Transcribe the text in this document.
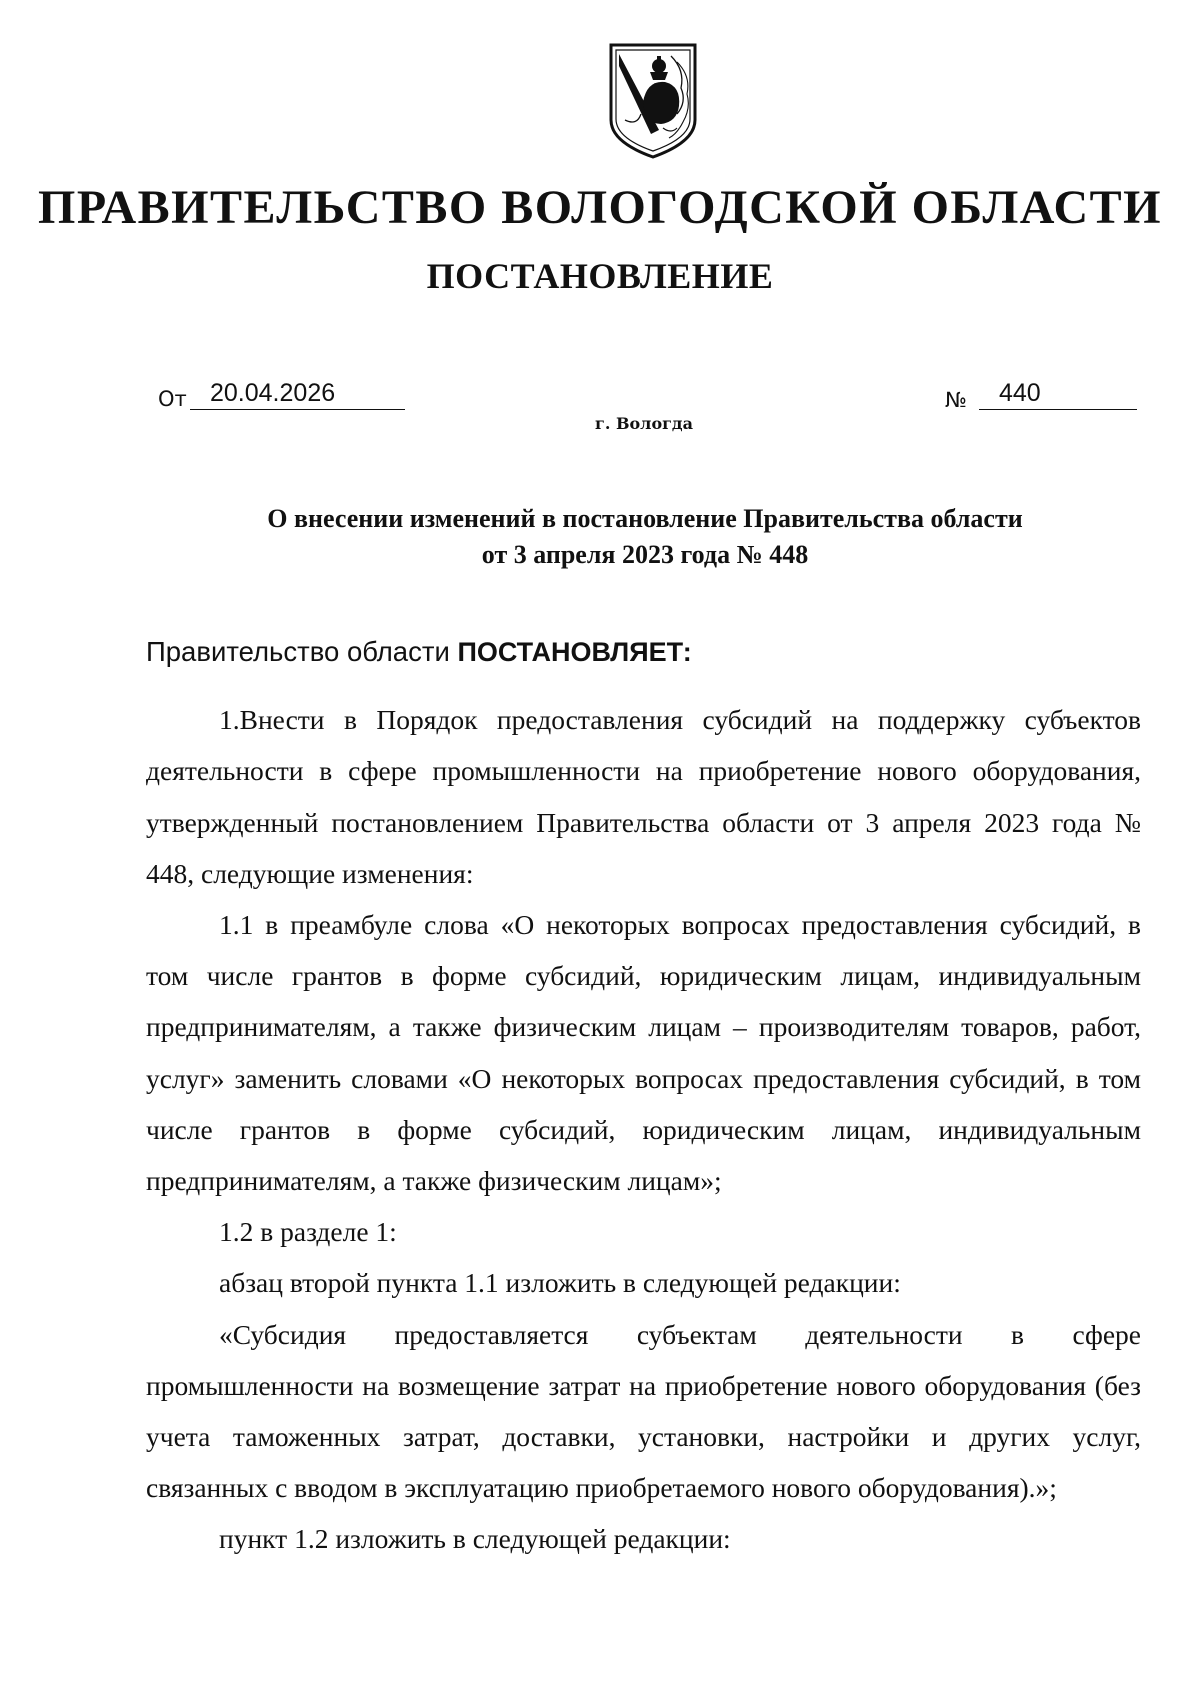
ПРАВИТЕЛЬСТВО ВОЛОГОДСКОЙ ОБЛАСТИ
ПОСТАНОВЛЕНИЕ
От 20.04.2026	№	440
г. Вологда
О внесении изменений в постановление Правительства области
от 3 апреля 2023 года № 448

Правительство области ПОСТАНОВЛЯЕТ:

1.Внести в Порядок предоставления субсидий на поддержку субъектов деятельности в сфере промышленности на приобретение нового оборудования, утвержденный постановлением Правительства области от 3 апреля 2023 года № 448, следующие изменения:

1.1 в преамбуле слова «О некоторых вопросах предоставления субсидий, в том числе грантов в форме субсидий, юридическим лицам, индивидуальным предпринимателям, а также физическим лицам – производителям товаров, работ, услуг» заменить словами «О некоторых вопросах предоставления субсидий, в том числе грантов в форме субсидий, юридическим лицам, индивидуальным предпринимателям, а также физическим лицам»;

1.2 в разделе 1:

абзац второй пункта 1.1 изложить в следующей редакции:

«Субсидия предоставляется субъектам деятельности в сфере промышленности на возмещение затрат на приобретение нового оборудования (без учета таможенных затрат, доставки, установки, настройки и других услуг, связанных с вводом в эксплуатацию приобретаемого нового оборудования).»;

пункт 1.2 изложить в следующей редакции:
